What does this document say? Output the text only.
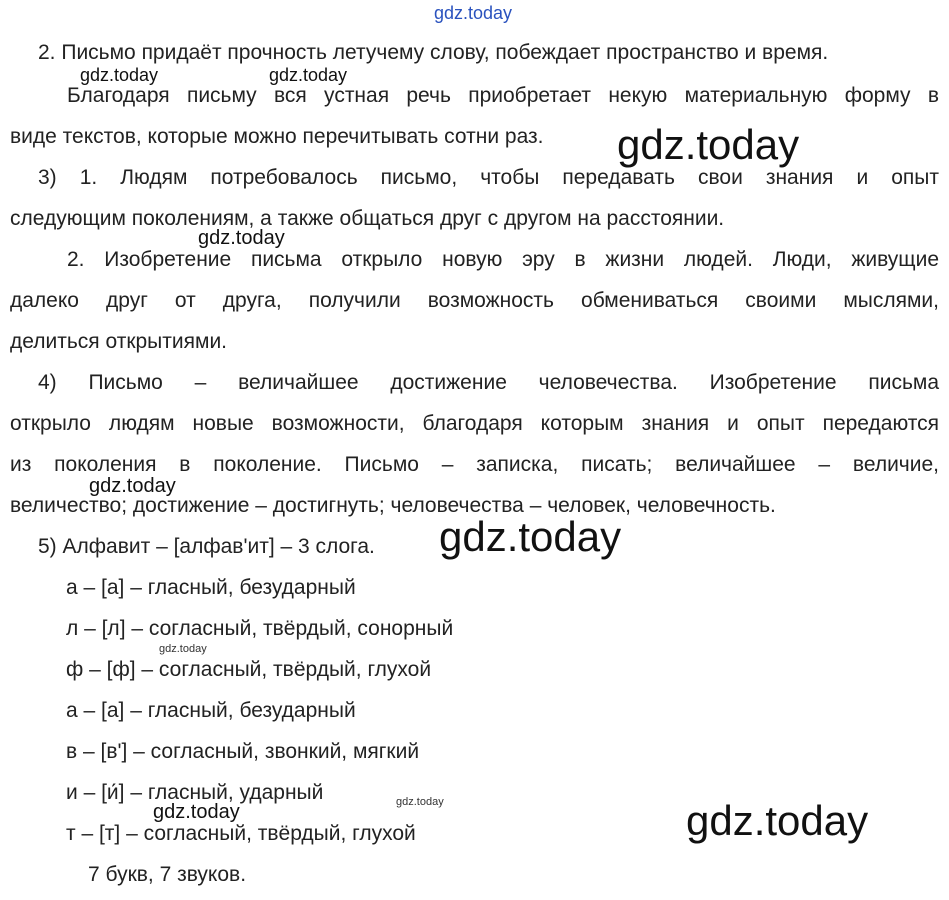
2. Письмо придаёт прочность летучему слову, побеждает пространство и время.
Благодаря письму вся устная речь приобретает некую материальную форму в
виде текстов, которые можно перечитывать сотни раз.
3) 1. Людям потребовалось письмо, чтобы передавать свои знания и опыт
следующим поколениям, а также общаться друг с другом на расстоянии.
2. Изобретение письма открыло новую эру в жизни людей. Люди, живущие
далеко друг от друга, получили возможность обмениваться своими мыслями,
делиться открытиями.
4) Письмо – величайшее достижение человечества. Изобретение письма
открыло людям новые возможности, благодаря которым знания и опыт передаются
из поколения в поколение. Письмо – записка, писать; величайшее – величие,
величество; достижение – достигнуть; человечества – человек, человечность.
5) Алфавит – [алфав'ит] – 3 слога.
а – [а] – гласный, безударный
л – [л] – согласный, твёрдый, сонорный
ф – [ф] – согласный, твёрдый, глухой
а – [а] – гласный, безударный
в – [в'] – согласный, звонкий, мягкий
и – [и́] – гласный, ударный
т – [т] – согласный, твёрдый, глухой
7 букв, 7 звуков.
gdz.today
gdz.today	gdz.today
gdz.today
gdz.today
gdz.today
gdz.today
gdz.today
gdz.today
gdz.today	gdz.today
